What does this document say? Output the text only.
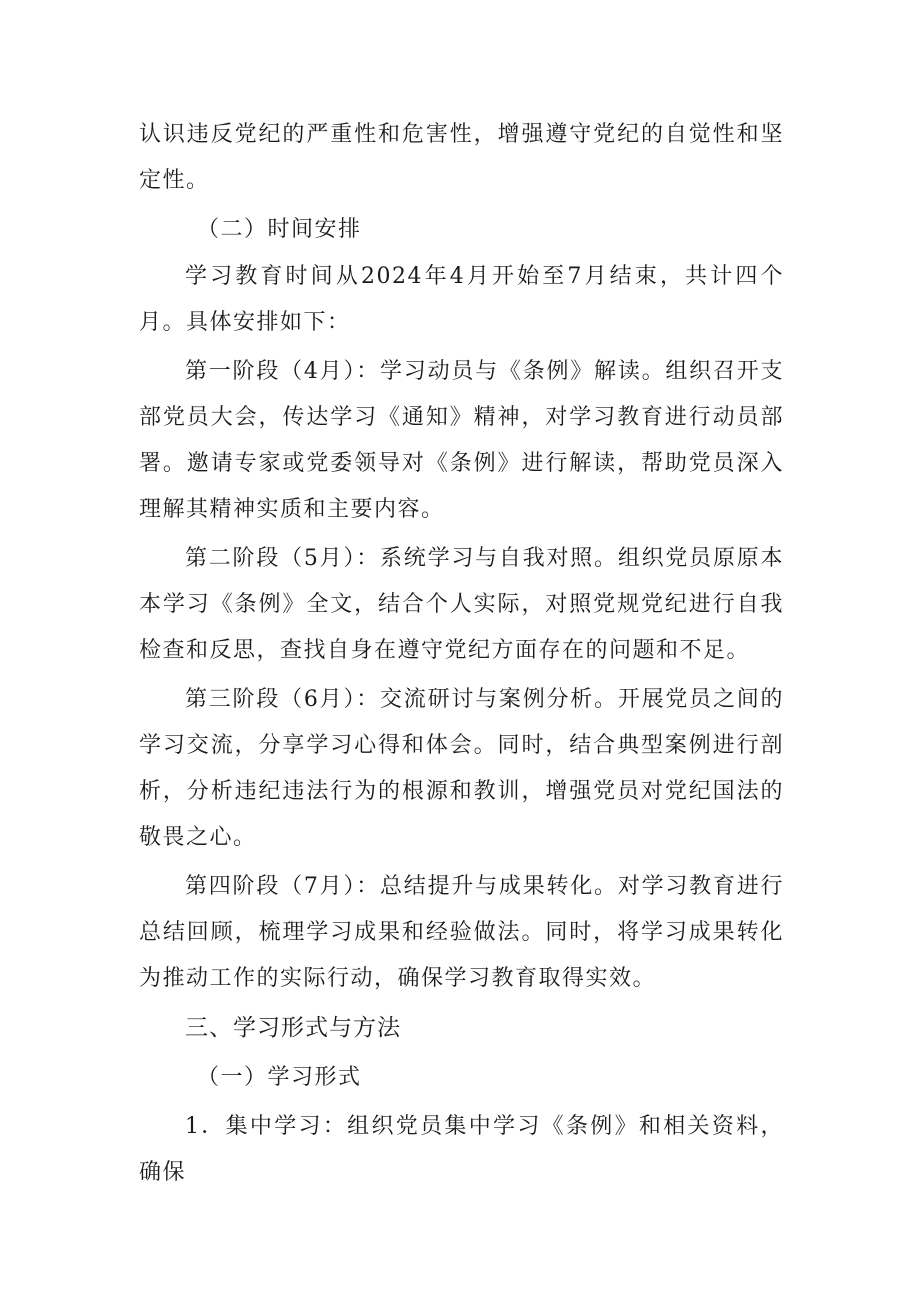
认识违反党纪的严重性和危害性，增强遵守党纪的自觉性和坚定性。

（二）时间安排

学习教育时间从2024年4月开始至7月结束，共计四个月。具体安排如下：

第一阶段（4月）：学习动员与《条例》解读。组织召开支部党员大会，传达学习《通知》精神，对学习教育进行动员部署。邀请专家或党委领导对《条例》进行解读，帮助党员深入理解其精神实质和主要内容。

第二阶段（5月）：系统学习与自我对照。组织党员原原本本学习《条例》全文，结合个人实际，对照党规党纪进行自我检查和反思，查找自身在遵守党纪方面存在的问题和不足。

第三阶段（6月）：交流研讨与案例分析。开展党员之间的学习交流，分享学习心得和体会。同时，结合典型案例进行剖析，分析违纪违法行为的根源和教训，增强党员对党纪国法的敬畏之心。

第四阶段（7月）：总结提升与成果转化。对学习教育进行总结回顾，梳理学习成果和经验做法。同时，将学习成果转化为推动工作的实际行动，确保学习教育取得实效。

三、学习形式与方法

（一）学习形式

1．集中学习：组织党员集中学习《条例》和相关资料，确保
